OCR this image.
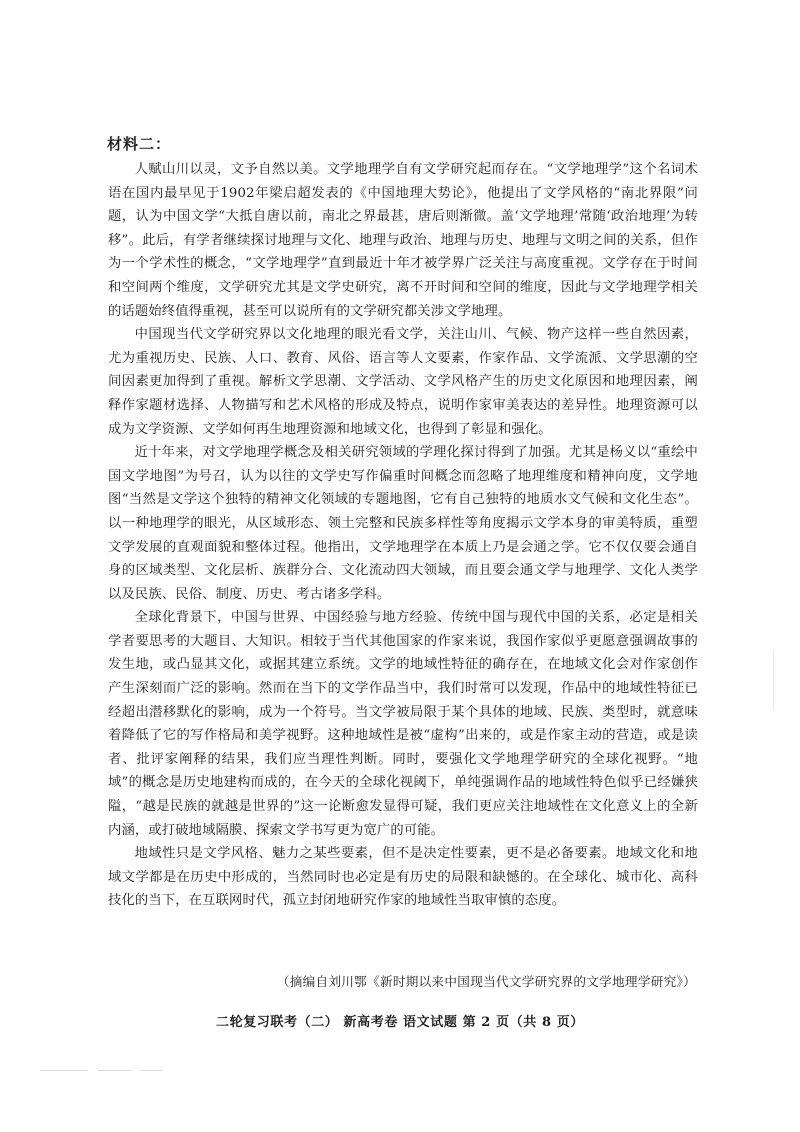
材料二：

人赋山川以灵，文予自然以美。文学地理学自有文学研究起而存在。“文学地理学”这个名词术语在国内最早见于1902年梁启超发表的《中国地理大势论》，他提出了文学风格的“南北界限”问题，认为中国文学“大抵自唐以前，南北之界最甚，唐后则渐微。盖‘文学地理’常随‘政治地理’为转移”。此后，有学者继续探讨地理与文化、地理与政治、地理与历史、地理与文明之间的关系，但作为一个学术性的概念，“文学地理学”直到最近十年才被学界广泛关注与高度重视。文学存在于时间和空间两个维度，文学研究尤其是文学史研究，离不开时间和空间的维度，因此与文学地理学相关的话题始终值得重视，甚至可以说所有的文学研究都关涉文学地理。

中国现当代文学研究界以文化地理的眼光看文学，关注山川、气候、物产这样一些自然因素，尤为重视历史、民族、人口、教育、风俗、语言等人文要素，作家作品、文学流派、文学思潮的空间因素更加得到了重视。解析文学思潮、文学活动、文学风格产生的历史文化原因和地理因素，阐释作家题材选择、人物描写和艺术风格的形成及特点，说明作家审美表达的差异性。地理资源可以成为文学资源、文学如何再生地理资源和地域文化，也得到了彰显和强化。

近十年来，对文学地理学概念及相关研究领域的学理化探讨得到了加强。尤其是杨义以“重绘中国文学地图”为号召，认为以往的文学史写作偏重时间概念而忽略了地理维度和精神向度，文学地图“当然是文学这个独特的精神文化领域的专题地图，它有自己独特的地质水文气候和文化生态”。以一种地理学的眼光，从区域形态、领土完整和民族多样性等角度揭示文学本身的审美特质，重塑文学发展的直观面貌和整体过程。他指出，文学地理学在本质上乃是会通之学。它不仅仅要会通自身的区域类型、文化层析、族群分合、文化流动四大领域，而且要会通文学与地理学、文化人类学以及民族、民俗、制度、历史、考古诸多学科。

全球化背景下，中国与世界、中国经验与地方经验、传统中国与现代中国的关系，必定是相关学者要思考的大题目、大知识。相较于当代其他国家的作家来说，我国作家似乎更愿意强调故事的发生地，或凸显其文化，或据其建立系统。文学的地域性特征的确存在，在地域文化会对作家创作产生深刻而广泛的影响。然而在当下的文学作品当中，我们时常可以发现，作品中的地域性特征已经超出潜移默化的影响，成为一个符号。当文学被局限于某个具体的地域、民族、类型时，就意味着降低了它的写作格局和美学视野。这种地域性是被“虚构”出来的，或是作家主动的营造，或是读者、批评家阐释的结果，我们应当理性判断。同时，要强化文学地理学研究的全球化视野。“地域”的概念是历史地建构而成的，在今天的全球化视阈下，单纯强调作品的地域性特色似乎已经嫌狭隘，“越是民族的就越是世界的”这一论断愈发显得可疑，我们更应关注地域性在文化意义上的全新内涵，或打破地域隔膜、探索文学书写更为宽广的可能。

地域性只是文学风格、魅力之某些要素，但不是决定性要素，更不是必备要素。地域文化和地域文学都是在历史中形成的，当然同时也必定是有历史的局限和缺憾的。在全球化、城市化、高科技化的当下，在互联网时代，孤立封闭地研究作家的地域性当取审慎的态度。

（摘编自刘川鄂《新时期以来中国现当代文学研究界的文学地理学研究》）
二轮复习联考（二） 新高考卷 语文试题 第 2 页（共 8 页）
